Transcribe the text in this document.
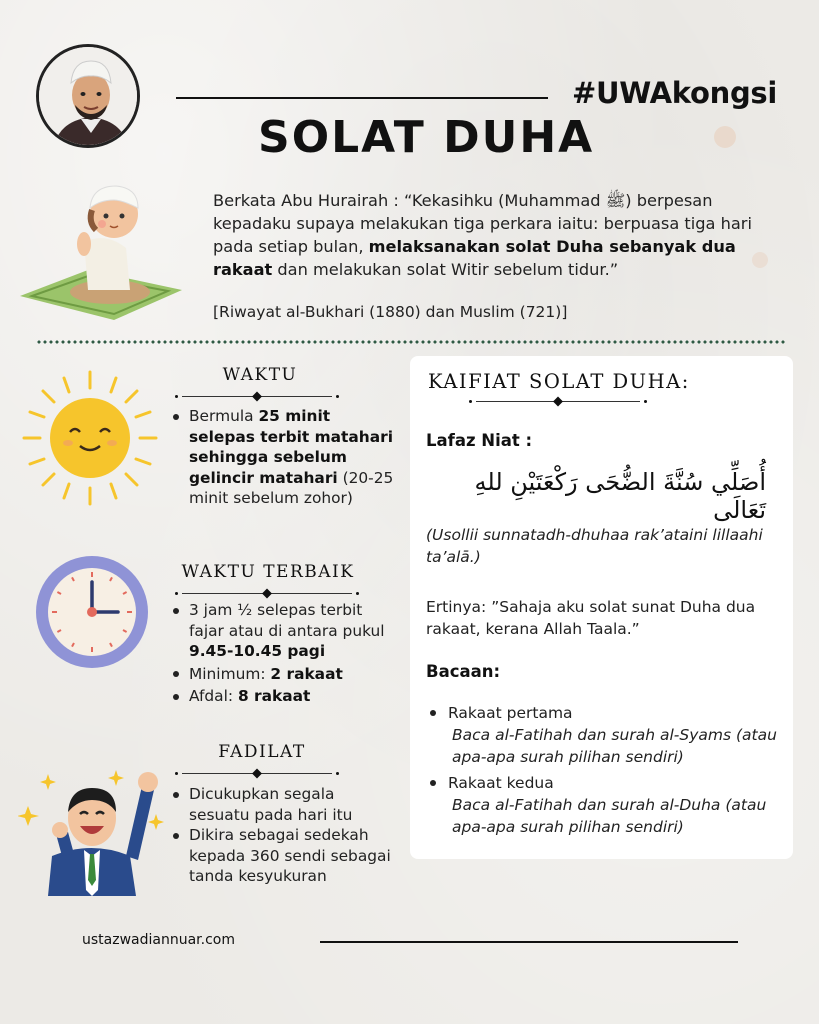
#UWAkongsi
SOLAT DUHA
Berkata Abu Hurairah : “Kekasihku (Muhammad ﷺ) berpesan kepadaku supaya melakukan tiga perkara iaitu: berpuasa tiga hari pada setiap bulan, melaksanakan solat Duha sebanyak dua rakaat dan melakukan solat Witir sebelum tidur.”
[Riwayat al-Bukhari (1880) dan Muslim (721)]
WAKTU
Bermula 25 minit selepas terbit matahari sehingga sebelum gelincir matahari (20-25 minit sebelum zohor)
WAKTU TERBAIK
3 jam ½ selepas terbit fajar atau di antara pukul 9.45-10.45 pagi
Minimum: 2 rakaat
Afdal: 8 rakaat
FADILAT
Dicukupkan segala sesuatu pada hari itu
Dikira sebagai sedekah kepada 360 sendi sebagai tanda kesyukuran
KAIFIAT SOLAT DUHA:
Lafaz Niat :
أُصَلِّي سُنَّةَ الضُّحَى رَكْعَتَيْنِ للهِ تَعَالَى
(Usollii sunnatadh-dhuhaa rak’ataini lillaahi ta’alā.)
Ertinya: ”Sahaja aku solat sunat Duha dua rakaat, kerana Allah Taala.”
Bacaan:
Rakaat pertama
Baca al-Fatihah dan surah al-Syams (atau apa-apa surah pilihan sendiri)
Rakaat kedua
Baca al-Fatihah dan surah al-Duha (atau apa-apa surah pilihan sendiri)
ustazwadiannuar.com
